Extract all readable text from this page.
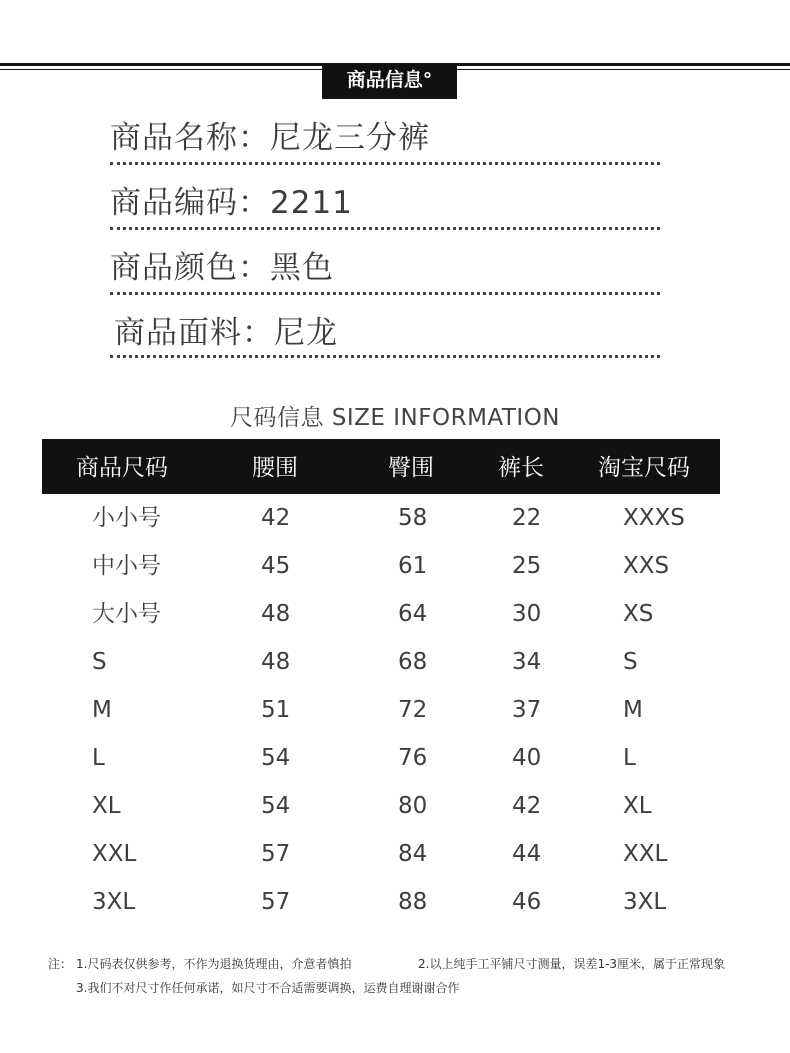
商品信息°
商品名称：尼龙三分裤
商品编码：2211
商品颜色：黑色
商品面料：尼龙
尺码信息 SIZE INFORMATION
商品尺码	腰围	臀围	裤长 淘宝尺码
小小号	42	58	22	XXXS
中小号	45	61	25	XXS
大小号	48	64	30	XS
S	48	68	34	S
M	51	72	37	M
L	54	76	40	L
XL	54	80	42	XL
XXL	57	84	44	XXL
3XL	57	88	46	3XL
注： 1.尺码表仅供参考，不作为退换货理由，介意者慎拍	2.以上纯手工平铺尺寸测量，误差1-3厘米，属于正常现象
3.我们不对尺寸作任何承诺，如尺寸不合适需要调换，运费自理谢谢合作
